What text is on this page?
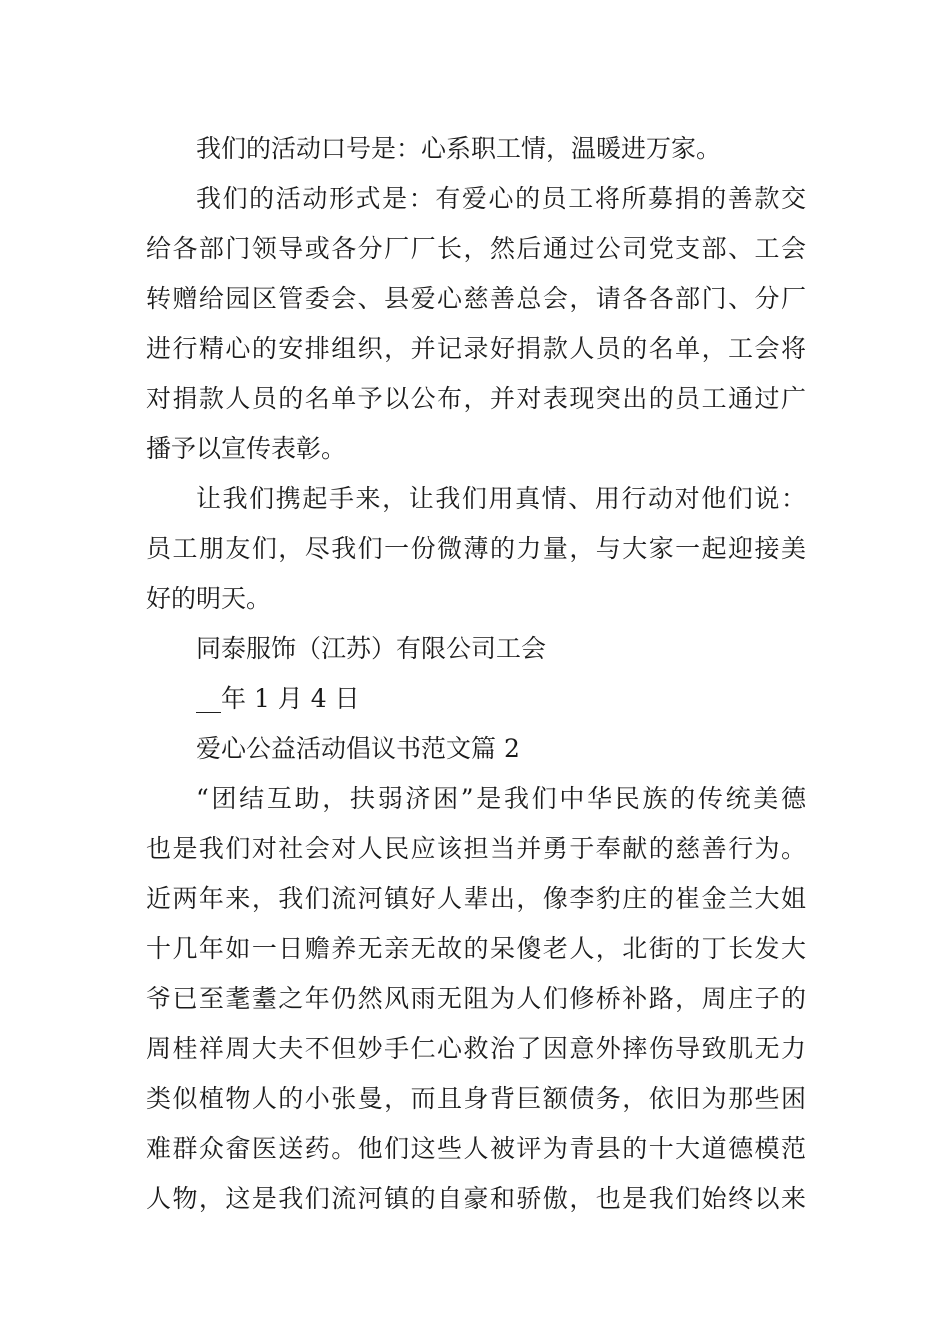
我们的活动口号是：心系职工情，温暖进万家。
我们的活动形式是：有爱心的员工将所募捐的善款交
给各部门领导或各分厂厂长，然后通过公司党支部、工会
转赠给园区管委会、县爱心慈善总会，请各各部门、分厂
进行精心的安排组织，并记录好捐款人员的名单，工会将
对捐款人员的名单予以公布，并对表现突出的员工通过广
播予以宣传表彰。
让我们携起手来，让我们用真情、用行动对他们说：
员工朋友们，尽我们一份微薄的力量，与大家一起迎接美
好的明天。
同泰服饰（江苏）有限公司工会
__年 1 月 4 日
爱心公益活动倡议书范文篇 2
“团结互助，扶弱济困”是我们中华民族的传统美德
也是我们对社会对人民应该担当并勇于奉献的慈善行为。
近两年来，我们流河镇好人辈出，像李豹庄的崔金兰大姐
十几年如一日赡养无亲无故的呆傻老人，北街的丁长发大
爷已至耄耋之年仍然风雨无阻为人们修桥补路，周庄子的
周桂祥周大夫不但妙手仁心救治了因意外摔伤导致肌无力
类似植物人的小张曼，而且身背巨额债务，依旧为那些困
难群众畲医送药。他们这些人被评为青县的十大道德模范
人物，这是我们流河镇的自豪和骄傲，也是我们始终以来
